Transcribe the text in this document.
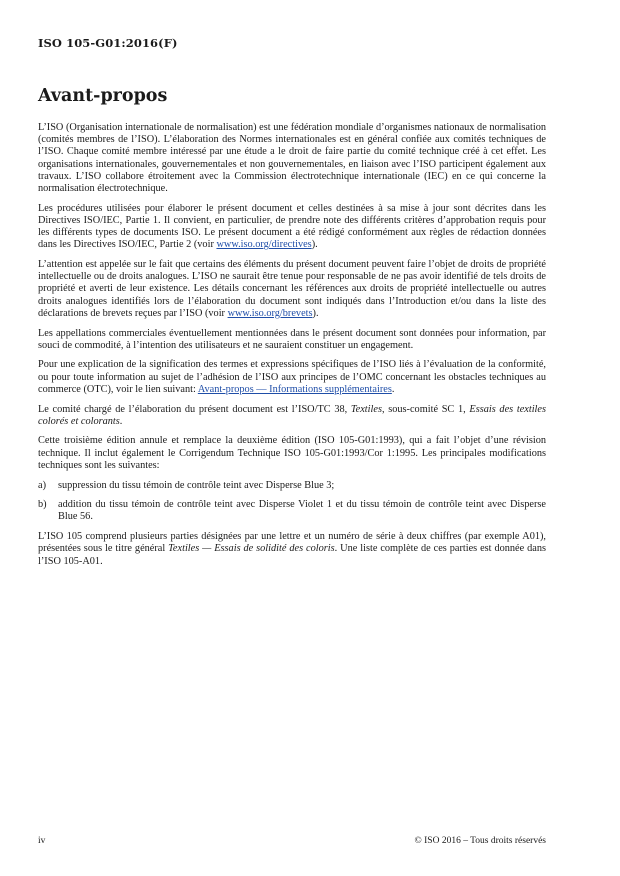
ISO 105-G01:2016(F)
Avant-propos

L’ISO (Organisation internationale de normalisation) est une fédération mondiale d’organismes nationaux de normalisation (comités membres de l’ISO). L’élaboration des Normes internationales est en général confiée aux comités techniques de l’ISO. Chaque comité membre intéressé par une étude a le droit de faire partie du comité technique créé à cet effet. Les organisations internationales, gouvernementales et non gouvernementales, en liaison avec l’ISO participent également aux travaux. L’ISO collabore étroitement avec la Commission électrotechnique internationale (IEC) en ce qui concerne la normalisation électrotechnique.

Les procédures utilisées pour élaborer le présent document et celles destinées à sa mise à jour sont décrites dans les Directives ISO/IEC, Partie 1. Il convient, en particulier, de prendre note des différents critères d’approbation requis pour les différents types de documents ISO. Le présent document a été rédigé conformément aux règles de rédaction données dans les Directives ISO/IEC, Partie 2 (voir www.iso.org/directives).

L’attention est appelée sur le fait que certains des éléments du présent document peuvent faire l’objet de droits de propriété intellectuelle ou de droits analogues. L’ISO ne saurait être tenue pour responsable de ne pas avoir identifié de tels droits de propriété et averti de leur existence. Les détails concernant les références aux droits de propriété intellectuelle ou autres droits analogues identifiés lors de l’élaboration du document sont indiqués dans l’Introduction et/ou dans la liste des déclarations de brevets reçues par l’ISO (voir www.iso.org/brevets).

Les appellations commerciales éventuellement mentionnées dans le présent document sont données pour information, par souci de commodité, à l’intention des utilisateurs et ne sauraient constituer un engagement.

Pour une explication de la signification des termes et expressions spécifiques de l’ISO liés à l’évaluation de la conformité, ou pour toute information au sujet de l’adhésion de l’ISO aux principes de l’OMC concernant les obstacles techniques au commerce (OTC), voir le lien suivant: Avant-propos — Informations supplémentaires.

Le comité chargé de l’élaboration du présent document est l’ISO/TC 38, Textiles, sous-comité SC 1, Essais des textiles colorés et colorants.

Cette troisième édition annule et remplace la deuxième édition (ISO 105-G01:1993), qui a fait l’objet d’une révision technique. Il inclut également le Corrigendum Technique ISO 105-G01:1993/Cor 1:1995. Les principales modifications techniques sont les suivantes:

a)	suppression du tissu témoin de contrôle teint avec Disperse Blue 3;
b)	addition du tissu témoin de contrôle teint avec Disperse Violet 1 et du tissu témoin de contrôle teint avec Disperse Blue 56.

L’ISO 105 comprend plusieurs parties désignées par une lettre et un numéro de série à deux chiffres (par exemple A01), présentées sous le titre général Textiles — Essais de solidité des coloris. Une liste complète de ces parties est donnée dans l’ISO 105-A01.

iv	© ISO 2016 – Tous droits réservés
